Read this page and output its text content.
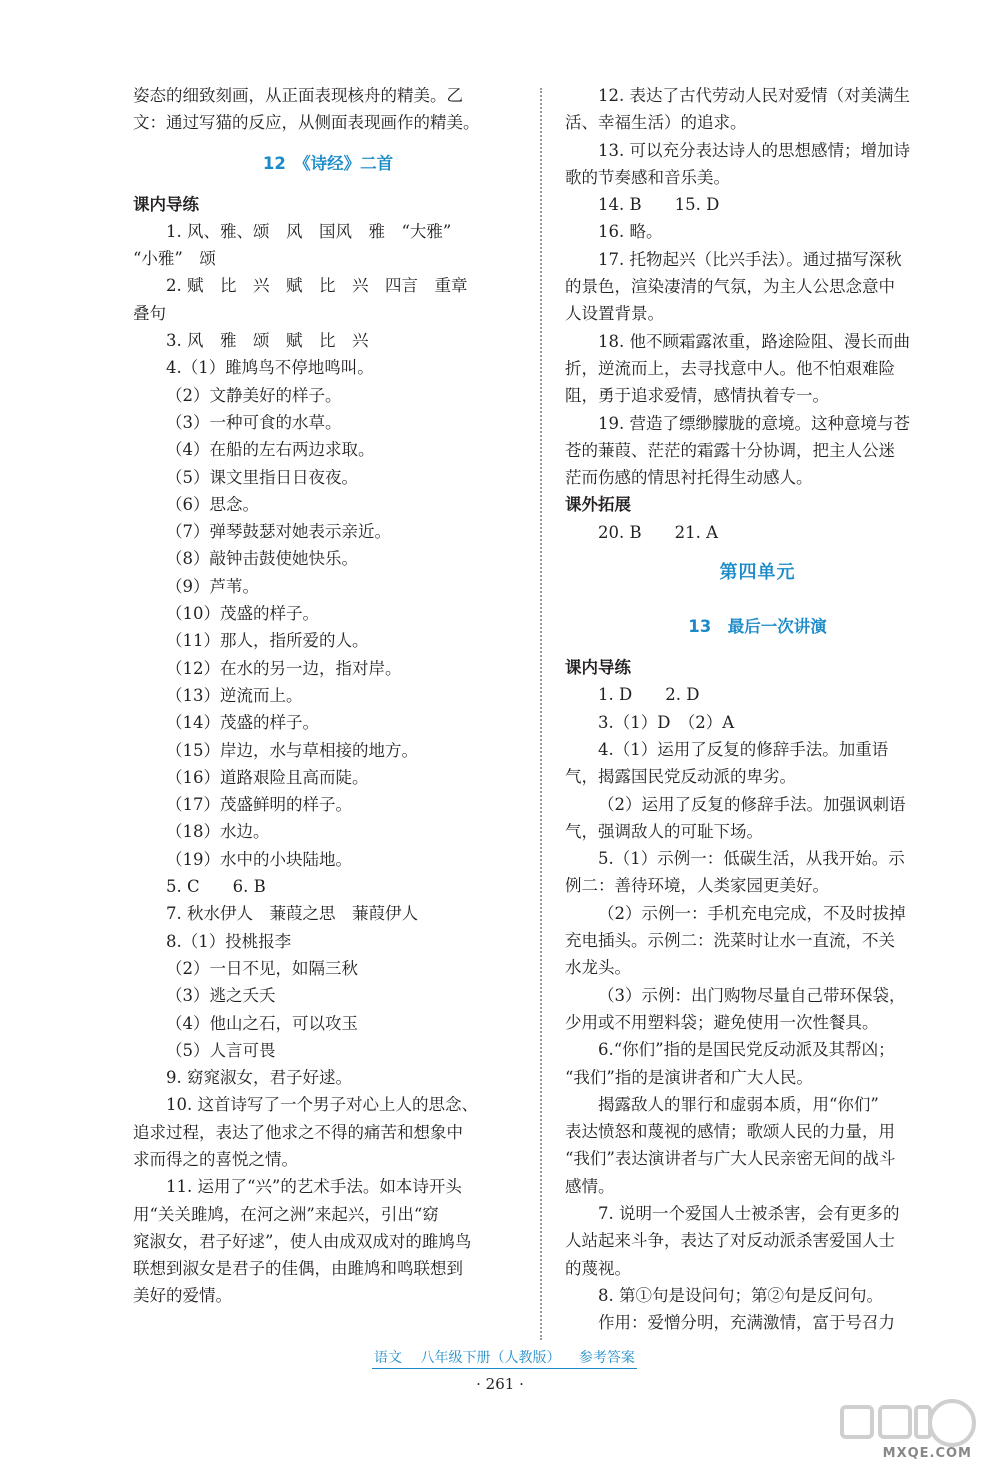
姿态的细致刻画，从正面表现核舟的精美。乙
文：通过写猫的反应，从侧面表现画作的精美。
12　《诗经》二首
课内导练
1. 风、雅、颂　风　国风　雅　“大雅”
“小雅”　颂
2. 赋　比　兴　赋　比　兴　四言　重章
叠句
3. 风　雅　颂　赋　比　兴
4.（1）雎鸠鸟不停地鸣叫。
（2）文静美好的样子。
（3）一种可食的水草。
（4）在船的左右两边求取。
（5）课文里指日日夜夜。
（6）思念。
（7）弹琴鼓瑟对她表示亲近。
（8）敲钟击鼓使她快乐。
（9）芦苇。
（10）茂盛的样子。
（11）那人，指所爱的人。
（12）在水的另一边，指对岸。
（13）逆流而上。
（14）茂盛的样子。
（15）岸边，水与草相接的地方。
（16）道路艰险且高而陡。
（17）茂盛鲜明的样子。
（18）水边。
（19）水中的小块陆地。
5. C　　6. B
7. 秋水伊人　蒹葭之思　蒹葭伊人
8.（1）投桃报李
（2）一日不见，如隔三秋
（3）逃之夭夭
（4）他山之石，可以攻玉
（5）人言可畏
9. 窈窕淑女，君子好逑。
10. 这首诗写了一个男子对心上人的思念、
追求过程，表达了他求之不得的痛苦和想象中
求而得之的喜悦之情。
11. 运用了“兴”的艺术手法。如本诗开头
用“关关雎鸠，在河之洲”来起兴，引出“窈
窕淑女，君子好逑”，使人由成双成对的雎鸠鸟
联想到淑女是君子的佳偶，由雎鸠和鸣联想到
美好的爱情。
12. 表达了古代劳动人民对爱情（对美满生
活、幸福生活）的追求。
13. 可以充分表达诗人的思想感情；增加诗
歌的节奏感和音乐美。
14. B　　15. D
16. 略。
17. 托物起兴（比兴手法）。通过描写深秋
的景色，渲染凄清的气氛，为主人公思念意中
人设置背景。
18. 他不顾霜露浓重，路途险阻、漫长而曲
折，逆流而上，去寻找意中人。他不怕艰难险
阻，勇于追求爱情，感情执着专一。
19. 营造了缥缈朦胧的意境。这种意境与苍
苍的蒹葭、茫茫的霜露十分协调，把主人公迷
茫而伤感的情思衬托得生动感人。
课外拓展
20. B　　21. A
第四单元
13　最后一次讲演
课内导练
1. D　　2. D
3.（1）D　（2）A
4.（1）运用了反复的修辞手法。加重语
气，揭露国民党反动派的卑劣。
（2）运用了反复的修辞手法。加强讽刺语
气，强调敌人的可耻下场。
5.（1）示例一：低碳生活，从我开始。示
例二：善待环境，人类家园更美好。
（2）示例一：手机充电完成，不及时拔掉
充电插头。示例二：洗菜时让水一直流，不关
水龙头。
（3）示例：出门购物尽量自己带环保袋，
少用或不用塑料袋；避免使用一次性餐具。
6.“你们”指的是国民党反动派及其帮凶；
“我们”指的是演讲者和广大人民。
揭露敌人的罪行和虚弱本质，用“你们”
表达愤怒和蔑视的感情；歌颂人民的力量，用
“我们”表达演讲者与广大人民亲密无间的战斗
感情。
7. 说明一个爱国人士被杀害，会有更多的
人站起来斗争，表达了对反动派杀害爱国人士
的蔑视。
8. 第①句是设问句；第②句是反问句。
作用：爱憎分明，充满激情，富于号召力
语文 八年级下册（人教版） 参考答案
· 261 ·
MXQE.COM
